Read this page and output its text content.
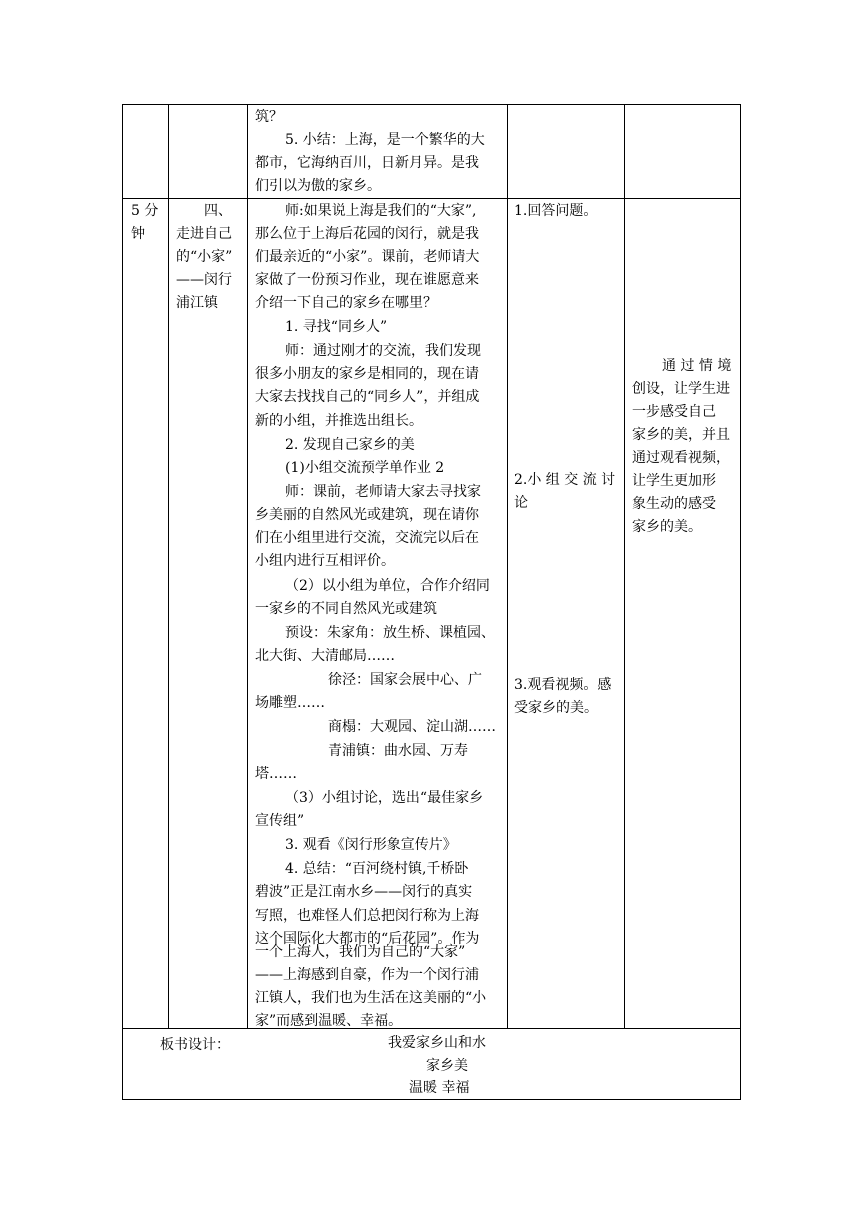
筑？
5. 小结：上海，是一个繁华的大
都市，它海纳百川，日新月异。是我
们引以为傲的家乡。
5 分
钟
四、
走进自己
的“小家”
——闵行
浦江镇
师:如果说上海是我们的“大家”,
那么位于上海后花园的闵行，就是我
们最亲近的“小家”。课前，老师请大
家做了一份预习作业，现在谁愿意来
介绍一下自己的家乡在哪里？
1. 寻找“同乡人”
师：通过刚才的交流，我们发现
很多小朋友的家乡是相同的，现在请
大家去找找自己的“同乡人”，并组成
新的小组，并推选出组长。
2. 发现自己家乡的美
(1)小组交流预学单作业 2
师：课前，老师请大家去寻找家
乡美丽的自然风光或建筑，现在请你
们在小组里进行交流，交流完以后在
小组内进行互相评价。
（2）以小组为单位，合作介绍同
一家乡的不同自然风光或建筑
预设：朱家角：放生桥、课植园、
北大街、大清邮局……
徐泾：国家会展中心、广
场雕塑……
商榻：大观园、淀山湖……
青浦镇：曲水园、万寿
塔……
（3）小组讨论，选出“最佳家乡
宣传组”
3. 观看《闵行形象宣传片》
4. 总结：“百河绕村镇,千桥卧
碧波”正是江南水乡——闵行的真实
写照，也难怪人们总把闵行称为上海
这个国际化大都市的“后花园”。作为
一个上海人，我们为自己的“大家”
——上海感到自豪，作为一个闵行浦
江镇人，我们也为生活在这美丽的“小
家”而感到温暖、幸福。
1.回答问题。
2.小 组 交 流 讨
论
3.观看视频。感
受家乡的美。
通 过 情 境
创设，让学生进
一步感受自己
家乡的美，并且
通过观看视频，
让学生更加形
象生动的感受
家乡的美。
板书设计：	我爱家乡山和水
家乡美
温暖 幸福
